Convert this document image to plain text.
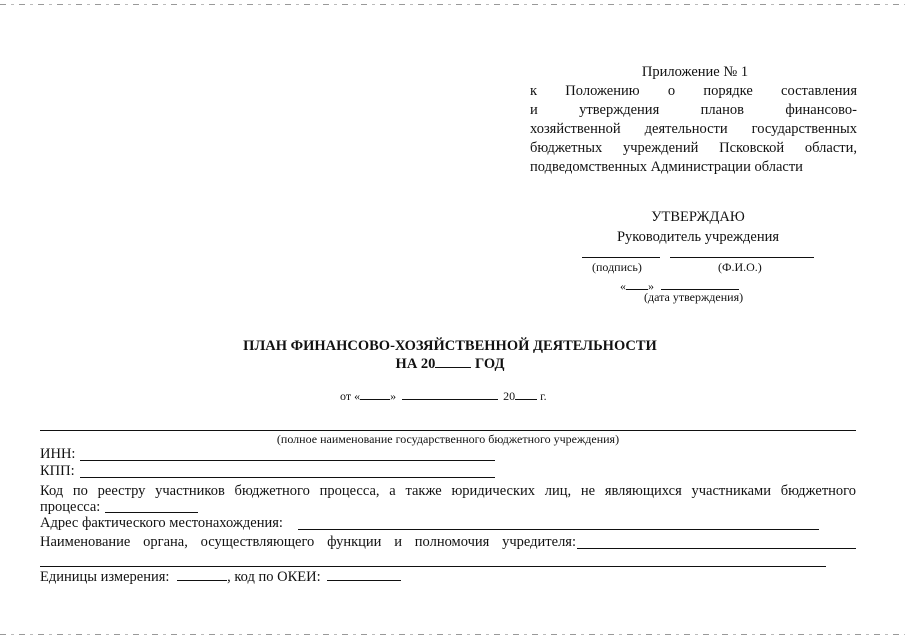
Приложение № 1
к Положению о порядке составления
и утверждения планов финансово-
хозяйственной деятельности государственных
бюджетных учреждений Псковской области,
подведомственных Администрации области
УТВЕРЖДАЮ
Руководитель учреждения
(подпись)	(Ф.И.О.)
« »
(дата утверждения)
ПЛАН ФИНАНСОВО-ХОЗЯЙСТВЕННОЙ ДЕЯТЕЛЬНОСТИ
НА 20	ГОД
от «	»	20 г.
(полное наименование государственного бюджетного учреждения)
ИНН:
КПП:
Код по реестру участников бюджетного процесса, а также юридических лиц, не являющихся участниками бюджетного
процесса:
Адрес фактического местонахождения:
Наименование органа, осуществляющего функции и полномочия учредителя:
Единицы измерения:	, код по ОКЕИ:
